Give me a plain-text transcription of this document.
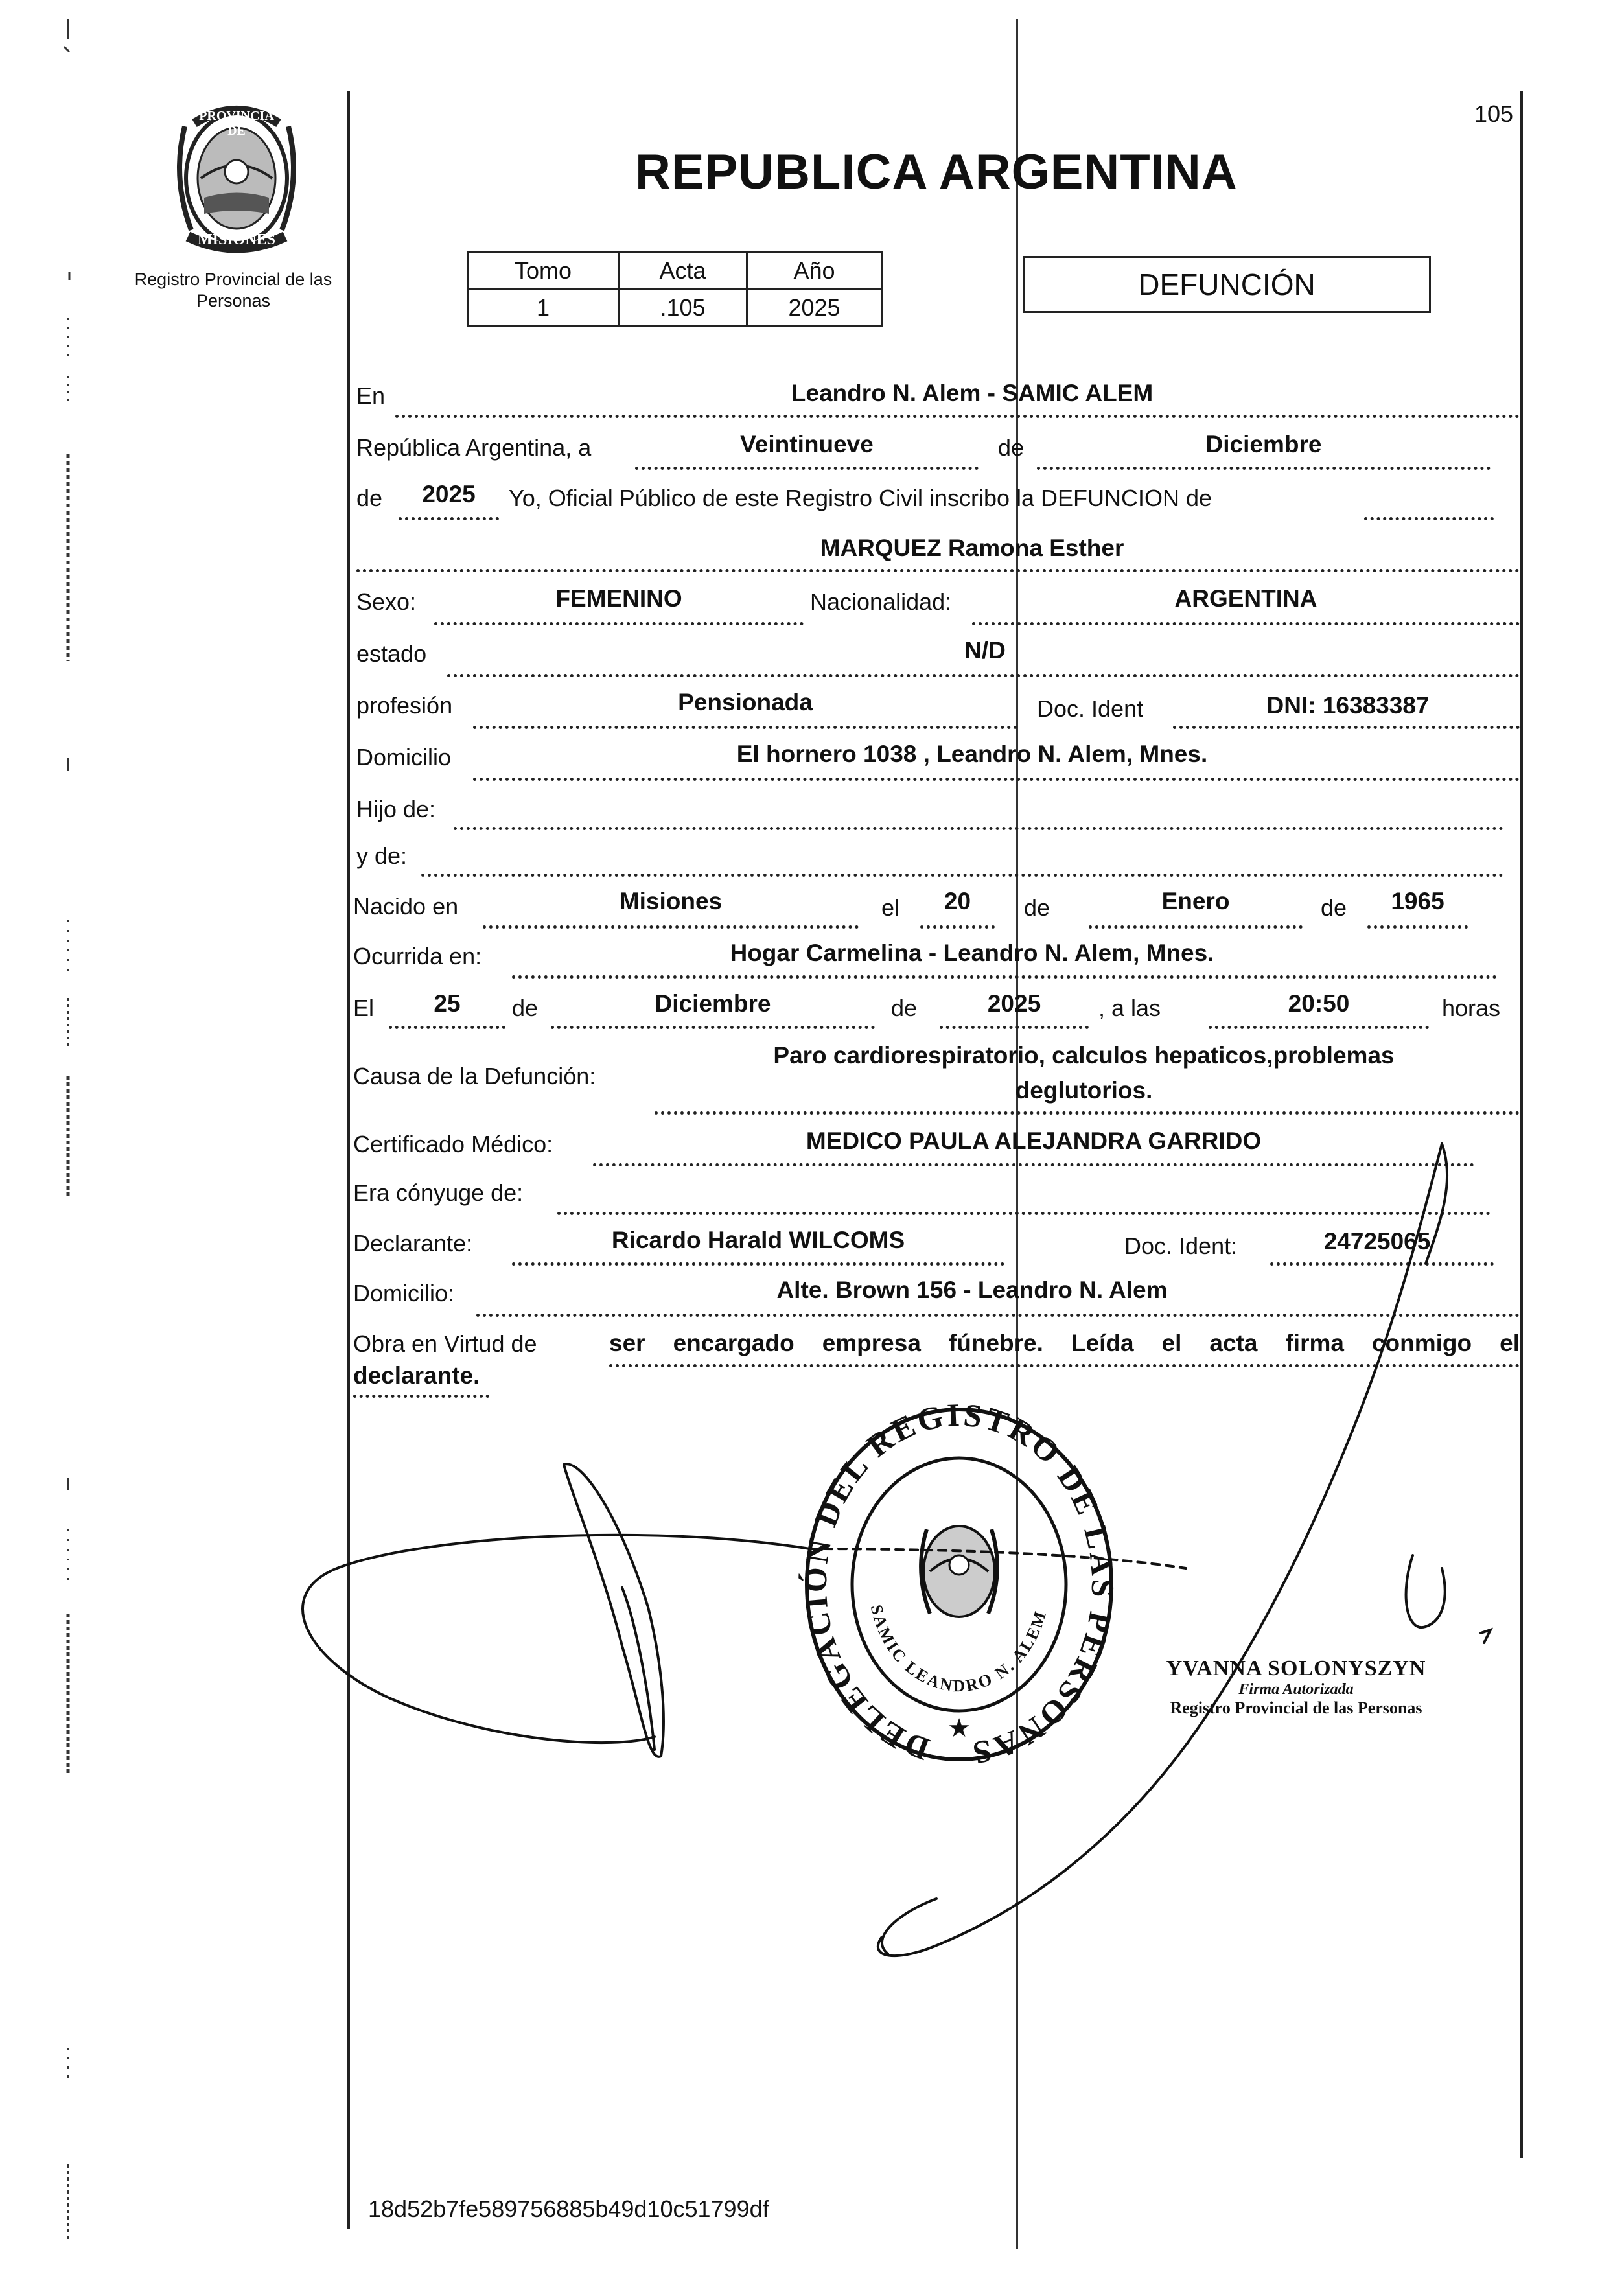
PROVINCIA DE
MISIONES
Registro Provincial de las Personas
105
REPUBLICA ARGENTINA
Tomo	Acta	Año
1	.105	2025
DEFUNCIÓN
En	Leandro N. Alem - SAMIC ALEM
República Argentina, a	Veintinueve	de	Diciembre
de	2025	Yo, Oficial Público de este Registro Civil inscribo la DEFUNCION de
MARQUEZ Ramona Esther
Sexo:	FEMENINO	Nacionalidad:	ARGENTINA
estado	N/D
profesión	Pensionada	Doc. Ident	DNI: 16383387
Domicilio	El hornero 1038 , Leandro N. Alem, Mnes.
Hijo de:
y de:
Nacido en	Misiones	el	20	de	Enero	de	1965
Ocurrida en:	Hogar Carmelina - Leandro N. Alem, Mnes.
El	25	de	Diciembre	de	2025	, a las	20:50	horas
Causa de la Defunción:
Paro cardiorespiratorio, calculos hepaticos,problemas
deglutorios.
Certificado Médico:	MEDICO PAULA ALEJANDRA GARRIDO
Era cónyuge de:
Declarante:	Ricardo Harald WILCOMS	Doc. Ident:	24725065
Domicilio:	Alte. Brown 156 - Leandro N. Alem
Obra en Virtud de	ser encargado empresa fúnebre. Leída el acta firma conmigo el
declarante.
DELEGACIÓN DEL REGISTRO DE LAS PERSONAS
SAMIC LEANDRO N. ALEM
★
YVANNA SOLONYSZYN
Firma Autorizada
Registro Provincial de las Personas
18d52b7fe589756885b49d10c51799df
